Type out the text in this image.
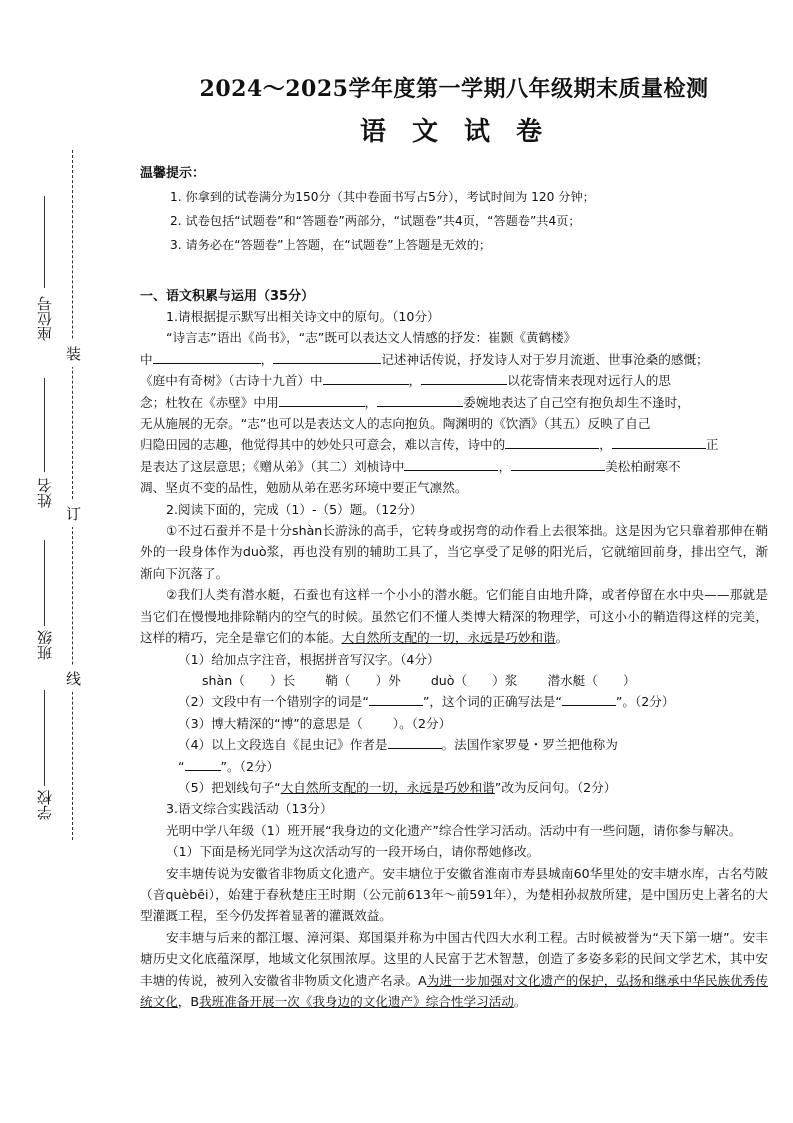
装
订
线
座位号
姓名
班级
学校
2024～2025学年度第一学期八年级期末质量检测
语文试卷
温馨提示：
1. 你拿到的试卷满分为150分（其中卷面书写占5分），考试时间为 120 分钟；
2. 试卷包括“试题卷”和“答题卷”两部分，“试题卷”共4页，“答题卷”共4页；
3. 请务必在“答题卷”上答题，在“试题卷”上答题是无效的；
一、语文积累与运用（35分）
1.请根据提示默写出相关诗文中的原句。（10分）
“诗言志”语出《尚书》，“志”既可以表达文人情感的抒发：崔颢《黄鹤楼》
中	，	记述神话传说，抒发诗人对于岁月流逝、世事沧桑的感慨；
《庭中有奇树》（古诗十九首）中	，	以花寄情来表现对远行人的思
念；杜牧在《赤壁》中用	，	委婉地表达了自己空有抱负却生不逢时，
无从施展的无奈。“志”也可以是表达文人的志向抱负。陶渊明的《饮酒》（其五）反映了自己
归隐田园的志趣，他觉得其中的妙处只可意会，难以言传，诗中的	，	正
是表达了这层意思；《赠从弟》（其二）刘桢诗中	，	美松柏耐寒不
凋、坚贞不变的品性，勉励从弟在恶劣环境中要正气凛然。
2.阅读下面的，完成（1）-（5）题。（12分）
①不过石蚕并不是十分shàn长游泳的高手，它转身或拐弯的动作看上去很笨拙。这是因为它只靠着那伸在鞘外的一段身体作为duò浆，再也没有别的辅助工具了，当它享受了足够的阳光后，它就缩回前身，排出空气，渐渐向下沉落了。
②我们人类有潜水艇，石蚕也有这样一个小小的潜水艇。它们能自由地升降，或者停留在水中央——那就是当它们在慢慢地排除鞘内的空气的时候。虽然它们不懂人类博大精深的物理学，可这小小的鞘造得这样的完美，这样的精巧，完全是靠它们的本能。大自然所支配的一切，永远是巧妙和谐。
（1）给加点字注音，根据拼音写汉字。（4分）
shàn（　　）长 鞘（　　）外 duò（　　）浆 潜水艇（　　）
（2）文段中有一个错别字的词是“	”，这个词的正确写法是“	”。（2分）
（3）博大精深的“博”的意思是（ ）。（2分）
（4）以上文段选自《昆虫记》作者是	。法国作家罗曼・罗兰把他称为
“	”。（2分）
（5）把划线句子“大自然所支配的一切，永远是巧妙和谐”改为反问句。（2分）
3.语文综合实践活动（13分）
光明中学八年级（1）班开展“我身边的文化遗产”综合性学习活动。活动中有一些问题，请你参与解决。
（1）下面是杨光同学为这次活动写的一段开场白，请你帮她修改。
安丰塘传说为安徽省非物质文化遗产。安丰塘位于安徽省淮南市寿县城南60华里处的安丰塘水库，古名芍陂（音quèbēi），始建于春秋楚庄王时期（公元前613年～前591年），为楚相孙叔敖所建，是中国历史上著名的大型灌溉工程，至今仍发挥着显著的灌溉效益。
安丰塘与后来的都江堰、漳河渠、郑国渠并称为中国古代四大水利工程。古时候被誉为“天下第一塘”。安丰塘历史文化底蕴深厚，地域文化氛围浓厚。这里的人民富于艺术智慧，创造了多姿多彩的民间文学艺术，其中安丰塘的传说，被列入安徽省非物质文化遗产名录。A为进一步加强对文化遗产的保护，弘扬和继承中华民族优秀传统文化，B我班准备开展一次《我身边的文化遗产》综合性学习活动。
